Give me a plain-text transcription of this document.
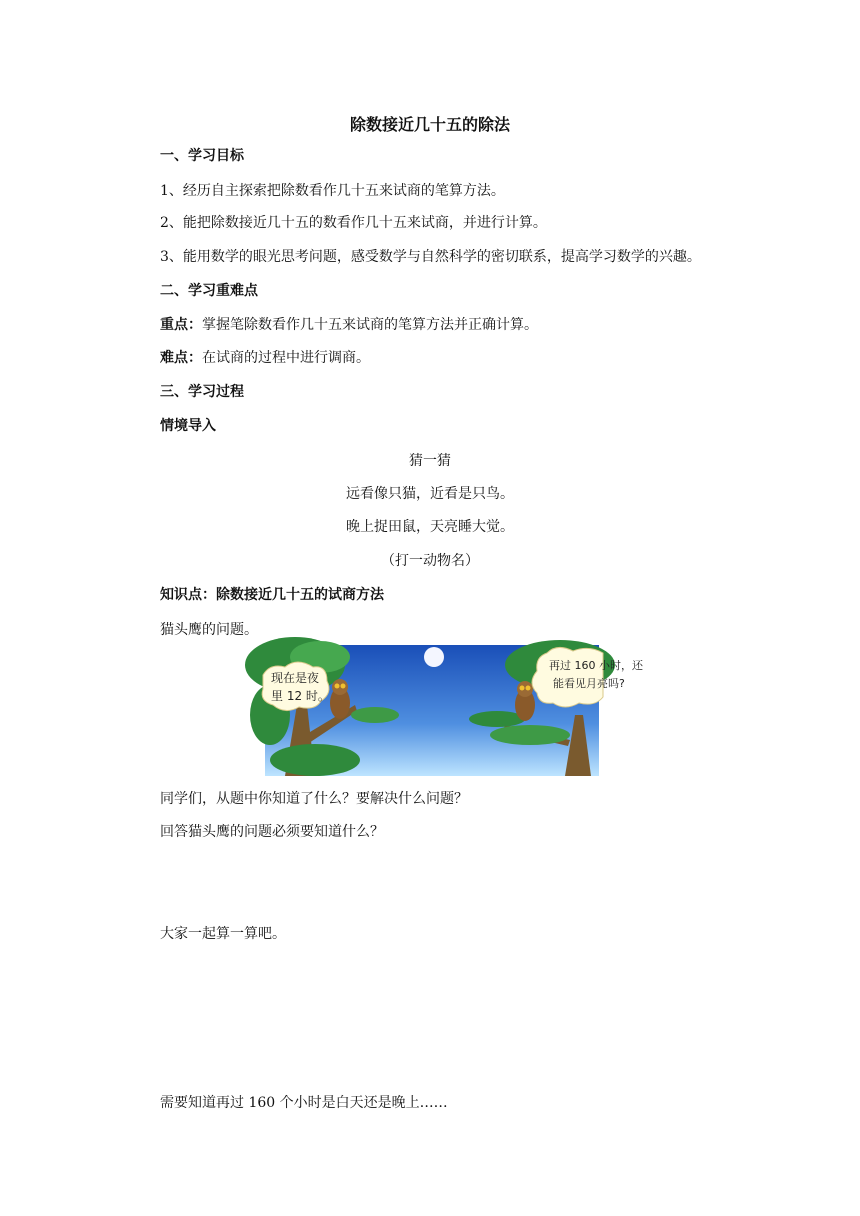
除数接近几十五的除法
一、学习目标
1、经历自主探索把除数看作几十五来试商的笔算方法。
2、能把除数接近几十五的数看作几十五来试商，并进行计算。
3、能用数学的眼光思考问题，感受数学与自然科学的密切联系，提高学习数学的兴趣。
二、学习重难点
重点：掌握笔除数看作几十五来试商的笔算方法并正确计算。
难点：在试商的过程中进行调商。
三、学习过程
情境导入
猜一猜
远看像只猫，近看是只鸟。
晚上捉田鼠，天亮睡大觉。
（打一动物名）
知识点：除数接近几十五的试商方法
猫头鹰的问题。
现在是夜
里 12 时。
再过 160 小时，还
能看见月亮吗?
同学们，从题中你知道了什么？要解决什么问题？
回答猫头鹰的问题必须要知道什么？
大家一起算一算吧。
需要知道再过 160 个小时是白天还是晚上……
